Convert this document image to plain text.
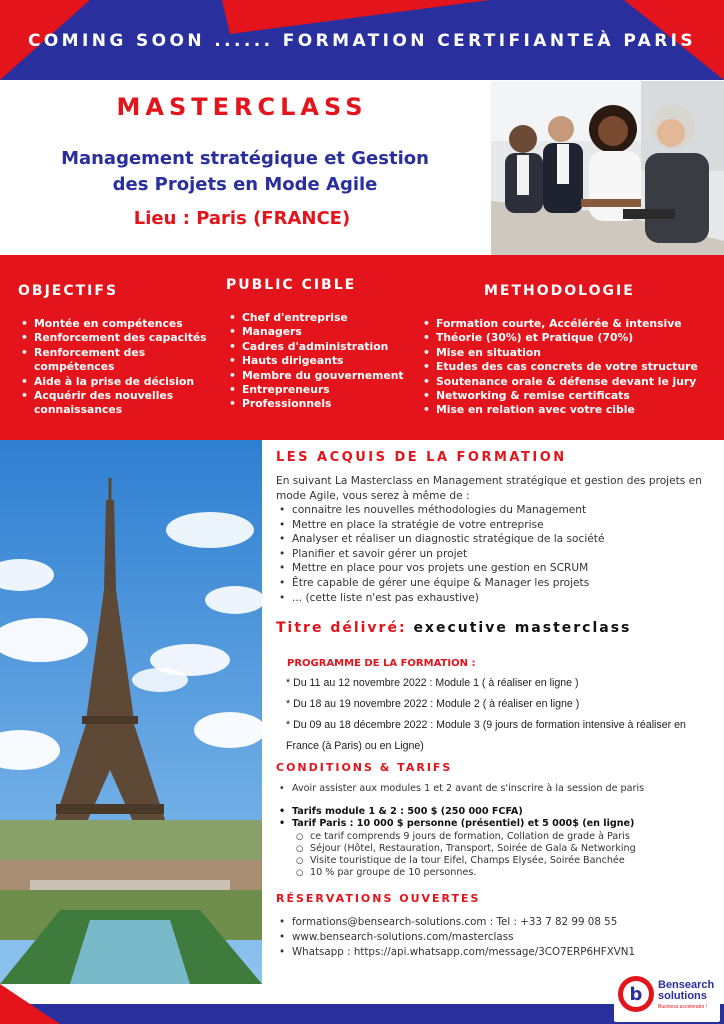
COMING SOON ...... FORMATION CERTIFIANTEÀ PARIS
MASTERCLASS
Management stratégique et Gestion
des Projets en Mode Agile
Lieu : Paris (FRANCE)
OBJECTIFS
• Montée en compétences
• Renforcement des capacités
• Renforcement des compétences
• Aide à la prise de décision
• Acquérir des nouvelles connaissances
PUBLIC CIBLE
• Chef d'entreprise
• Managers
• Cadres d'administration
• Hauts dirigeants
• Membre du gouvernement
• Entrepreneurs
• Professionnels
METHODOLOGIE
• Formation courte, Accélérée & intensive
• Théorie (30%) et Pratique (70%)
• Mise en situation
• Etudes des cas concrets de votre structure
• Soutenance orale & défense devant le jury
• Networking & remise certificats
• Mise en relation avec votre cible
LES ACQUIS DE LA FORMATION
En suivant La Masterclass en Management stratégique et gestion des projets en mode Agile, vous serez à même de :
• connaitre les nouvelles méthodologies du Management
• Mettre en place la stratégie de votre entreprise
• Analyser et réaliser un diagnostic stratégique de la société
• Planifier et savoir gérer un projet
• Mettre en place pour vos projets une gestion en SCRUM
• Être capable de gérer une équipe & Manager les projets
• ... (cette liste n'est pas exhaustive)
Titre délivré: executive masterclass
PROGRAMME DE LA FORMATION :
* Du 11 au 12 novembre 2022 : Module 1 ( à réaliser en ligne )
* Du 18 au 19 novembre 2022 : Module 2 ( à réaliser en ligne )
* Du 09 au 18 décembre 2022 : Module 3 (9 jours de formation intensive à réaliser en France (à Paris) ou en Ligne)
CONDITIONS & TARIFS
• Avoir assister aux modules 1 et 2 avant de s'inscrire à la session de paris
• Tarifs module 1 & 2 : 500 $ (250 000 FCFA)
• Tarif Paris : 10 000 $ personne (présentiel) et 5 000$ (en ligne)
○ ce tarif comprends 9 jours de formation, Collation de grade à Paris
○ Séjour (Hôtel, Restauration, Transport, Soirée de Gala & Networking
○ Visite touristique de la tour Eifel, Champs Elysée, Soirée Banchée
○ 10 % par groupe de 10 personnes.
RÉSERVATIONS OUVERTES
• formations@bensearch-solutions.com : Tel : +33 7 82 99 08 55
• www.bensearch-solutions.com/masterclass
• Whatsapp : https://api.whatsapp.com/message/3CO7ERP6HFXVN1
b Bensearch
solutions
Business accelerator !
